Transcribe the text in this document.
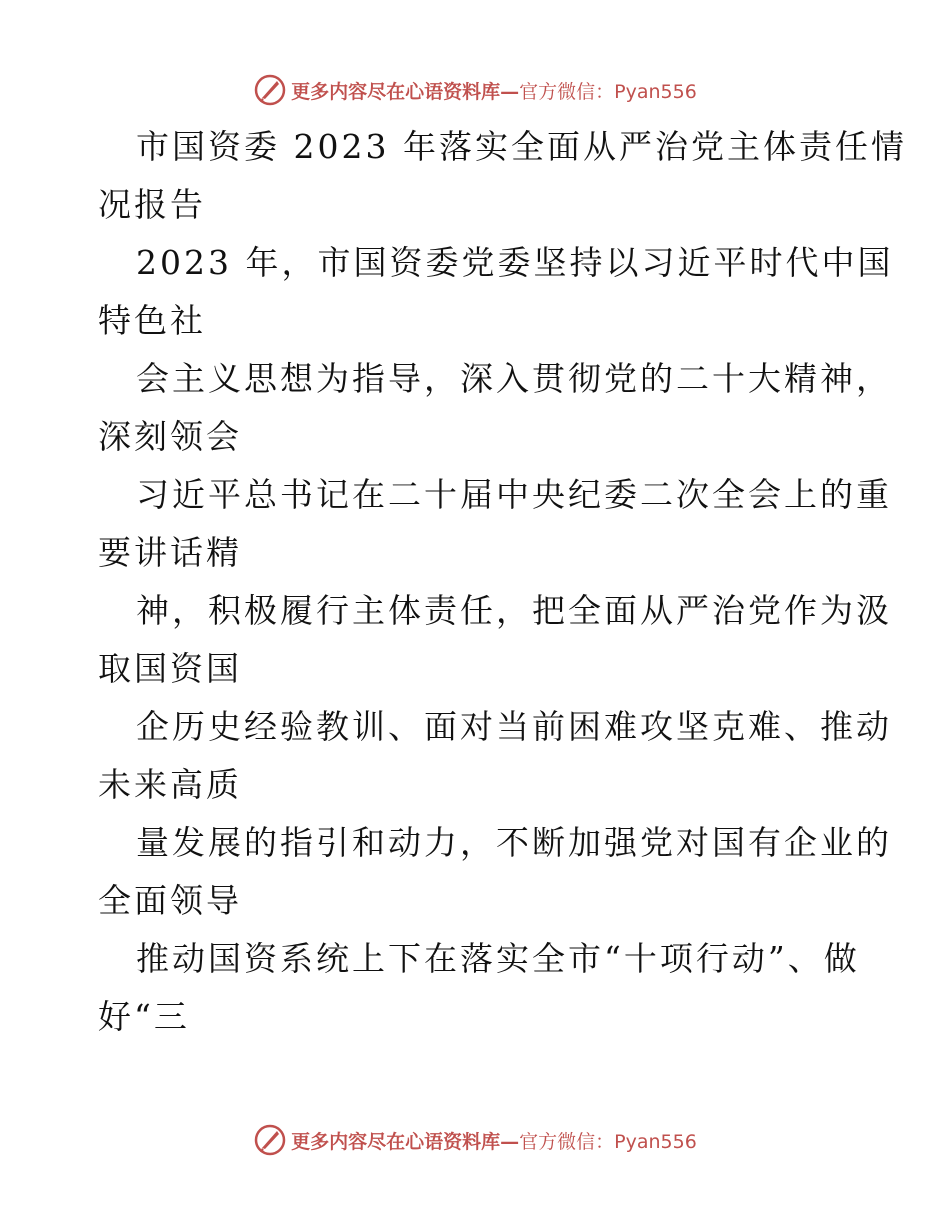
更多内容尽在心语资料库— 官方微信：Pyan556
市国资委 2023 年落实全面从严治党主体责任情
况报告
2023 年，市国资委党委坚持以习近平时代中国
特色社
会主义思想为指导，深入贯彻党的二十大精神，
深刻领会
习近平总书记在二十届中央纪委二次全会上的重
要讲话精
神，积极履行主体责任，把全面从严治党作为汲
取国资国
企历史经验教训、面对当前困难攻坚克难、推动
未来高质
量发展的指引和动力，不断加强党对国有企业的
全面领导
推动国资系统上下在落实全市“十项行动”、做
好“三
更多内容尽在心语资料库— 官方微信：Pyan556
